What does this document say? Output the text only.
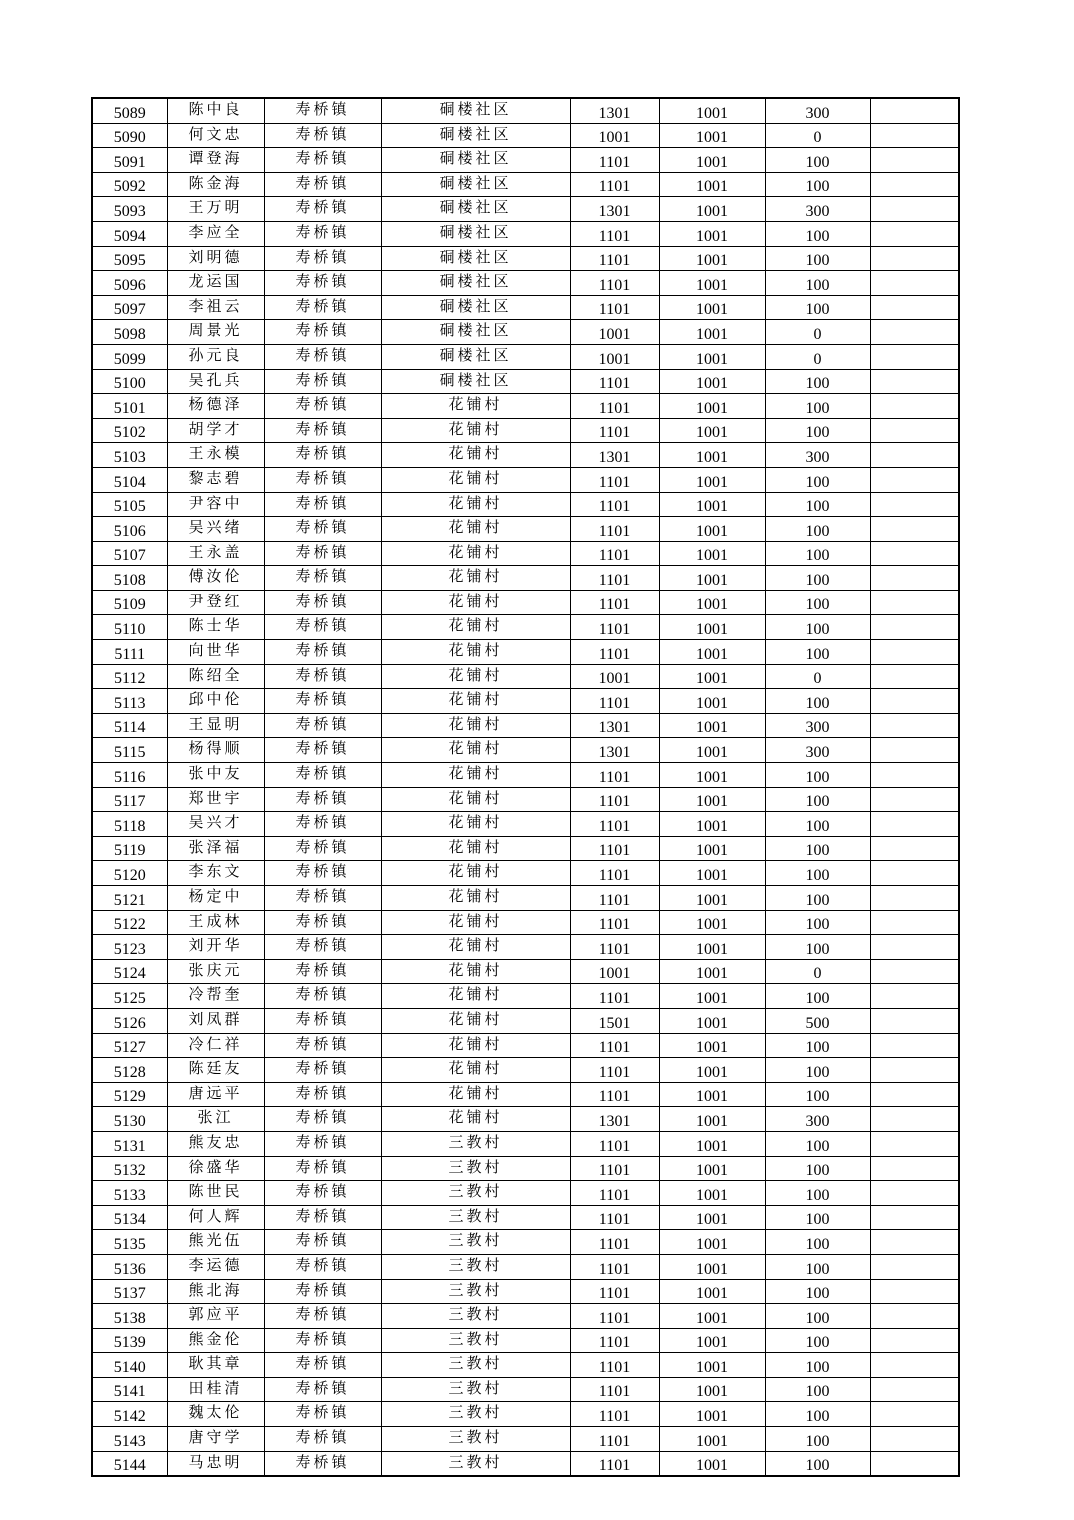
5089	陈中良	寿桥镇	硐楼社区	1301	1001	300	
5090	何文忠	寿桥镇	硐楼社区	1001	1001	0	
5091	谭登海	寿桥镇	硐楼社区	1101	1001	100	
5092	陈金海	寿桥镇	硐楼社区	1101	1001	100	
5093	王万明	寿桥镇	硐楼社区	1301	1001	300	
5094	李应全	寿桥镇	硐楼社区	1101	1001	100	
5095	刘明德	寿桥镇	硐楼社区	1101	1001	100	
5096	龙运国	寿桥镇	硐楼社区	1101	1001	100	
5097	李祖云	寿桥镇	硐楼社区	1101	1001	100	
5098	周景光	寿桥镇	硐楼社区	1001	1001	0	
5099	孙元良	寿桥镇	硐楼社区	1001	1001	0	
5100	吴孔兵	寿桥镇	硐楼社区	1101	1001	100	
5101	杨德泽	寿桥镇	花铺村	1101	1001	100	
5102	胡学才	寿桥镇	花铺村	1101	1001	100	
5103	王永模	寿桥镇	花铺村	1301	1001	300	
5104	黎志碧	寿桥镇	花铺村	1101	1001	100	
5105	尹容中	寿桥镇	花铺村	1101	1001	100	
5106	吴兴绪	寿桥镇	花铺村	1101	1001	100	
5107	王永盖	寿桥镇	花铺村	1101	1001	100	
5108	傅汝伦	寿桥镇	花铺村	1101	1001	100	
5109	尹登红	寿桥镇	花铺村	1101	1001	100	
5110	陈士华	寿桥镇	花铺村	1101	1001	100	
5111	向世华	寿桥镇	花铺村	1101	1001	100	
5112	陈绍全	寿桥镇	花铺村	1001	1001	0	
5113	邱中伦	寿桥镇	花铺村	1101	1001	100	
5114	王显明	寿桥镇	花铺村	1301	1001	300	
5115	杨得顺	寿桥镇	花铺村	1301	1001	300	
5116	张中友	寿桥镇	花铺村	1101	1001	100	
5117	郑世宇	寿桥镇	花铺村	1101	1001	100	
5118	吴兴才	寿桥镇	花铺村	1101	1001	100	
5119	张泽福	寿桥镇	花铺村	1101	1001	100	
5120	李东文	寿桥镇	花铺村	1101	1001	100	
5121	杨定中	寿桥镇	花铺村	1101	1001	100	
5122	王成林	寿桥镇	花铺村	1101	1001	100	
5123	刘开华	寿桥镇	花铺村	1101	1001	100	
5124	张庆元	寿桥镇	花铺村	1001	1001	0	
5125	冷帮奎	寿桥镇	花铺村	1101	1001	100	
5126	刘凤群	寿桥镇	花铺村	1501	1001	500	
5127	冷仁祥	寿桥镇	花铺村	1101	1001	100	
5128	陈廷友	寿桥镇	花铺村	1101	1001	100	
5129	唐远平	寿桥镇	花铺村	1101	1001	100	
5130	张江	寿桥镇	花铺村	1301	1001	300	
5131	熊友忠	寿桥镇	三教村	1101	1001	100	
5132	徐盛华	寿桥镇	三教村	1101	1001	100	
5133	陈世民	寿桥镇	三教村	1101	1001	100	
5134	何人辉	寿桥镇	三教村	1101	1001	100	
5135	熊光伍	寿桥镇	三教村	1101	1001	100	
5136	李运德	寿桥镇	三教村	1101	1001	100	
5137	熊北海	寿桥镇	三教村	1101	1001	100	
5138	郭应平	寿桥镇	三教村	1101	1001	100	
5139	熊金伦	寿桥镇	三教村	1101	1001	100	
5140	耿其章	寿桥镇	三教村	1101	1001	100	
5141	田桂清	寿桥镇	三教村	1101	1001	100	
5142	魏太伦	寿桥镇	三教村	1101	1001	100	
5143	唐守学	寿桥镇	三教村	1101	1001	100	
5144	马忠明	寿桥镇	三教村	1101	1001	100	
